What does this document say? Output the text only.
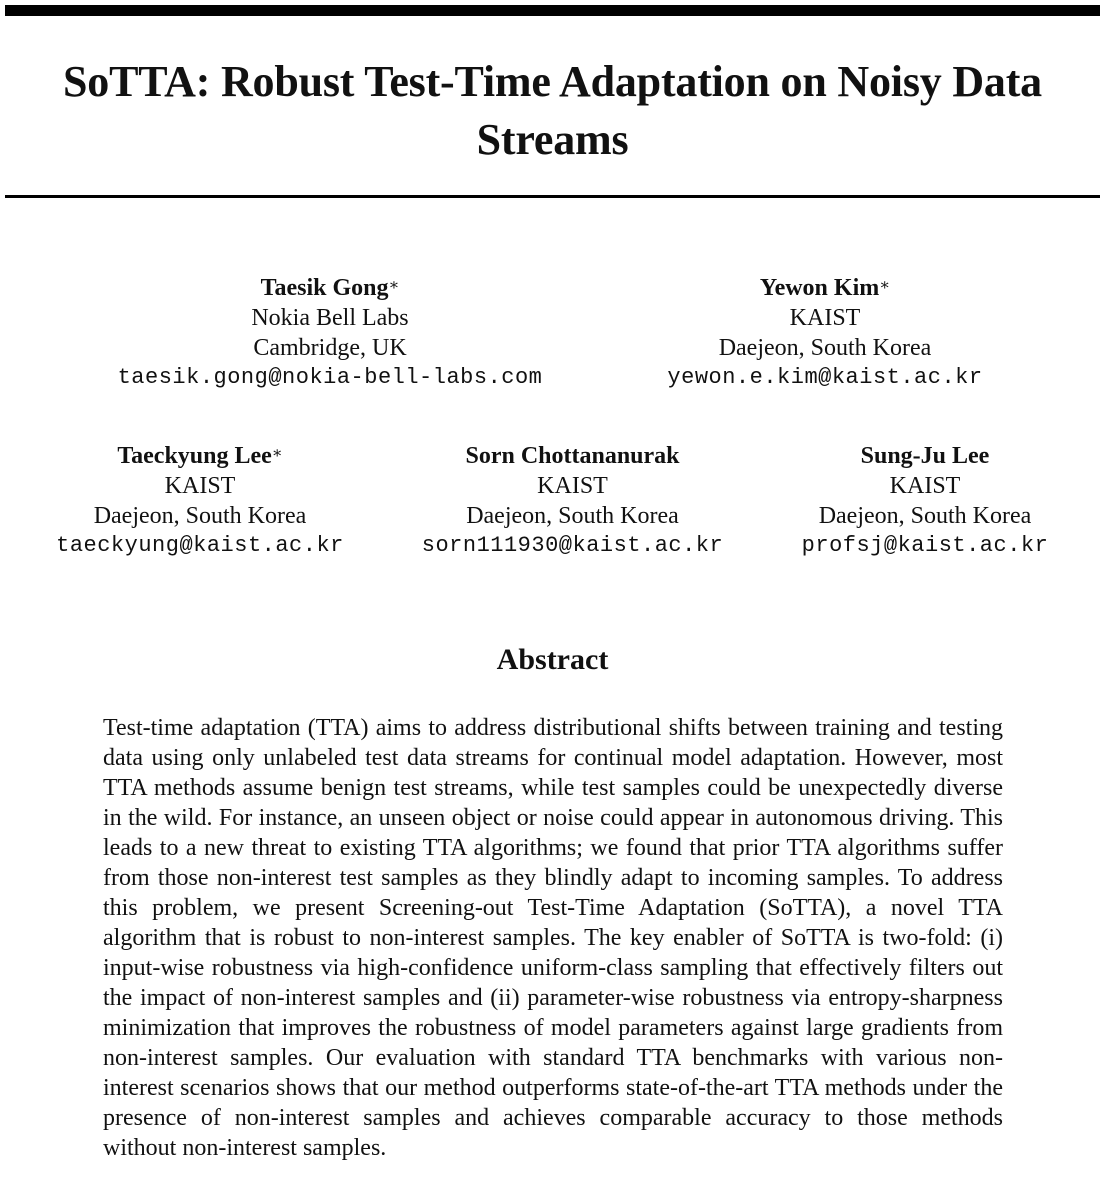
SoTTA: Robust Test-Time Adaptation on Noisy Data Streams
Taesik Gong∗
Nokia Bell Labs
Cambridge, UK
taesik.gong@nokia-bell-labs.com
Yewon Kim∗
KAIST
Daejeon, South Korea
yewon.e.kim@kaist.ac.kr
Taeckyung Lee∗
KAIST
Daejeon, South Korea
taeckyung@kaist.ac.kr
Sorn Chottananurak
KAIST
Daejeon, South Korea
sorn111930@kaist.ac.kr
Sung-Ju Lee
KAIST
Daejeon, South Korea
profsj@kaist.ac.kr
Abstract

Test-time adaptation (TTA) aims to address distributional shifts between training and testing data using only unlabeled test data streams for continual model adaptation. However, most TTA methods assume benign test streams, while test samples could be unexpectedly diverse in the wild. For instance, an unseen object or noise could appear in autonomous driving. This leads to a new threat to existing TTA algorithms; we found that prior TTA algorithms suffer from those non-interest test samples as they blindly adapt to incoming samples. To address this problem, we present Screening-out Test-Time Adaptation (SoTTA), a novel TTA algorithm that is robust to non-interest samples. The key enabler of SoTTA is two-fold: (i) input-wise robustness via high-confidence uniform-class sampling that effectively filters out the impact of non-interest samples and (ii) parameter-wise robustness via entropy-sharpness minimization that improves the robustness of model parameters against large gradients from non-interest samples. Our evaluation with standard TTA benchmarks with various non-interest scenarios shows that our method outperforms state-of-the-art TTA methods under the presence of non-interest samples and achieves comparable accuracy to those methods without non-interest samples.
